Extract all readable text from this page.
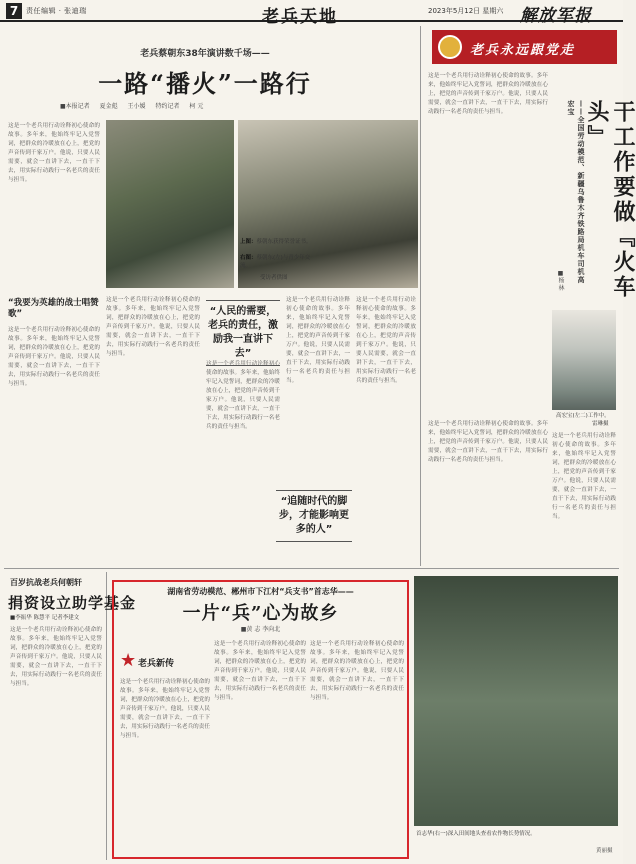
7	责任编辑 · 张迪瑞	老兵天地	2023年5月12日 星期六 解放军报
老兵蔡朝东38年演讲数千场——
一路“播火”一路行
■本报记者 夏金彪 王小媛 特约记者 柯 元
这是一个老兵用行动诠释初心使命的故事。多年来，他始终牢记入党誓词，把群众的冷暖放在心上，把党的声音传到千家万户。他说，只要人民需要，就会一直讲下去，一直干下去，用实际行动践行一名老兵的责任与担当。
上图：蔡朝东获得荣誉证书。
右图：蔡朝东(左)与青少年交流。
受访者供图
“我要为英雄的战士唱赞歌”
这是一个老兵用行动诠释初心使命的故事。多年来，他始终牢记入党誓词，把群众的冷暖放在心上，把党的声音传到千家万户。他说，只要人民需要，就会一直讲下去，一直干下去，用实际行动践行一名老兵的责任与担当。
这是一个老兵用行动诠释初心使命的故事。多年来，他始终牢记入党誓词，把群众的冷暖放在心上，把党的声音传到千家万户。他说，只要人民需要，就会一直讲下去，一直干下去，用实际行动践行一名老兵的责任与担当。
“人民的需要，老兵的责任，激励我一直讲下去”
这是一个老兵用行动诠释初心使命的故事。多年来，他始终牢记入党誓词，把群众的冷暖放在心上，把党的声音传到千家万户。他说，只要人民需要，就会一直讲下去，一直干下去，用实际行动践行一名老兵的责任与担当。
这是一个老兵用行动诠释初心使命的故事。多年来，他始终牢记入党誓词，把群众的冷暖放在心上，把党的声音传到千家万户。他说，只要人民需要，就会一直讲下去，一直干下去，用实际行动践行一名老兵的责任与担当。
“追随时代的脚步，才能影响更多的人”
这是一个老兵用行动诠释初心使命的故事。多年来，他始终牢记入党誓词，把群众的冷暖放在心上，把党的声音传到千家万户。他说，只要人民需要，就会一直讲下去，一直干下去，用实际行动践行一名老兵的责任与担当。
老兵永远跟党走
这是一个老兵用行动诠释初心使命的故事。多年来，他始终牢记入党誓词，把群众的冷暖放在心上，把党的声音传到千家万户。他说，只要人民需要，就会一直讲下去，一直干下去，用实际行动践行一名老兵的责任与担当。	干工作要做『火车头』
——全国劳动模范、新疆乌鲁木齐铁路局机车司机高宏宝
■杨 林
高宏宝(左二)工作中。
雷琳摄
这是一个老兵用行动诠释初心使命的故事。多年来，他始终牢记入党誓词，把群众的冷暖放在心上，把党的声音传到千家万户。他说，只要人民需要，就会一直讲下去，一直干下去，用实际行动践行一名老兵的责任与担当。
这是一个老兵用行动诠释初心使命的故事。多年来，他始终牢记入党誓词，把群众的冷暖放在心上，把党的声音传到千家万户。他说，只要人民需要，就会一直讲下去，一直干下去，用实际行动践行一名老兵的责任与担当。
百岁抗战老兵何朝轩
捐资设立助学基金
■李振华 陈慧平 记者李建文
这是一个老兵用行动诠释初心使命的故事。多年来，他始终牢记入党誓词，把群众的冷暖放在心上，把党的声音传到千家万户。他说，只要人民需要，就会一直讲下去，一直干下去，用实际行动践行一名老兵的责任与担当。
湖南省劳动模范、郴州市下江村“兵支书”首志华——
一片“兵”心为故乡
■黄 志 李向北
★ 老兵新传
这是一个老兵用行动诠释初心使命的故事。多年来，他始终牢记入党誓词，把群众的冷暖放在心上，把党的声音传到千家万户。他说，只要人民需要，就会一直讲下去，一直干下去，用实际行动践行一名老兵的责任与担当。
这是一个老兵用行动诠释初心使命的故事。多年来，他始终牢记入党誓词，把群众的冷暖放在心上，把党的声音传到千家万户。他说，只要人民需要，就会一直讲下去，一直干下去，用实际行动践行一名老兵的责任与担当。
这是一个老兵用行动诠释初心使命的故事。多年来，他始终牢记入党誓词，把群众的冷暖放在心上，把党的声音传到千家万户。他说，只要人民需要，就会一直讲下去，一直干下去，用实际行动践行一名老兵的责任与担当。
首志华(右一)深入田间地头查看农作物长势情况。
黄丽摄
